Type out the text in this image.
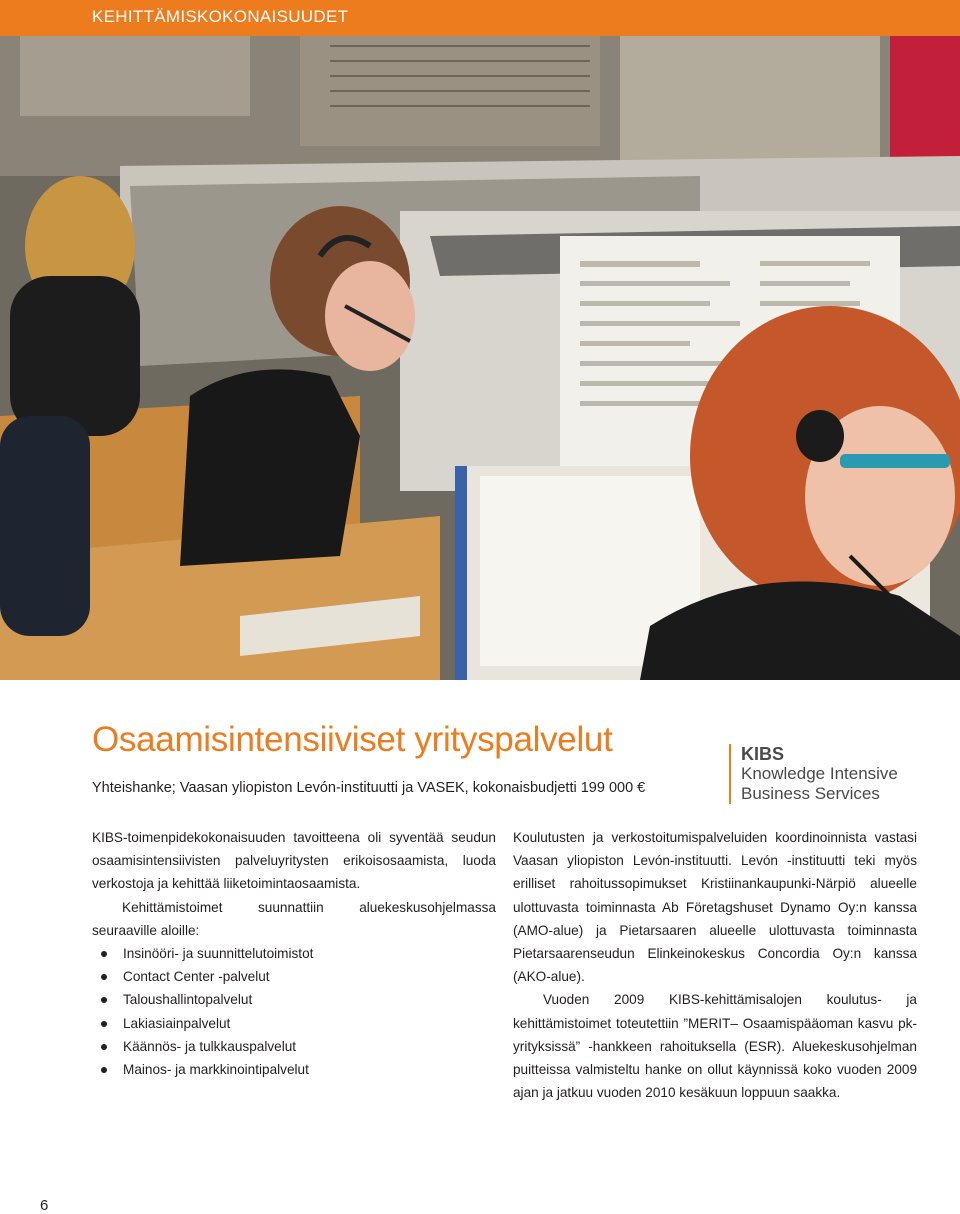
KEHITTÄMISKOKONAISUUDET
Osaamisintensiiviset yrityspalvelut
Yhteishanke; Vaasan yliopiston Levón-instituutti ja VASEK, kokonaisbudjetti 199 000 €
KIBS
Knowledge Intensive
Business Services

KIBS-toimenpidekokonaisuuden tavoitteena oli syventää seudun osaamisintensiivisten palveluyritysten erikoisosaamista, luoda verkostoja ja kehittää liiketoimintaosaamista.

Kehittämistoimet suunnattiin aluekeskusohjelmassa seuraaville aloille:

Insinööri- ja suunnittelutoimistot
Contact Center -palvelut
Taloushallintopalvelut
Lakiasiainpalvelut
Käännös- ja tulkkauspalvelut
Mainos- ja markkinointipalvelut

Koulutusten ja verkostoitumispalveluiden koordinoinnista vastasi Vaasan yliopiston Levón-instituutti. Levón -instituutti teki myös erilliset rahoitussopimukset Kristiinankaupunki-Närpiö alueelle ulottuvasta toiminnasta Ab Företagshuset Dynamo Oy:n kanssa (AMO-alue) ja Pietarsaaren alueelle ulottuvasta toiminnasta Pietarsaarenseudun Elinkeinokeskus Concordia Oy:n kanssa (AKO-alue).

Vuoden 2009 KIBS-kehittämisalojen koulutus- ja kehittämistoimet toteutettiin ”MERIT– Osaamispääoman kasvu pk-yrityksissä” -hankkeen rahoituksella (ESR). Aluekeskusohjelman puitteissa valmisteltu hanke on ollut käynnissä koko vuoden 2009 ajan ja jatkuu vuoden 2010 kesäkuun loppuun saakka.

6
